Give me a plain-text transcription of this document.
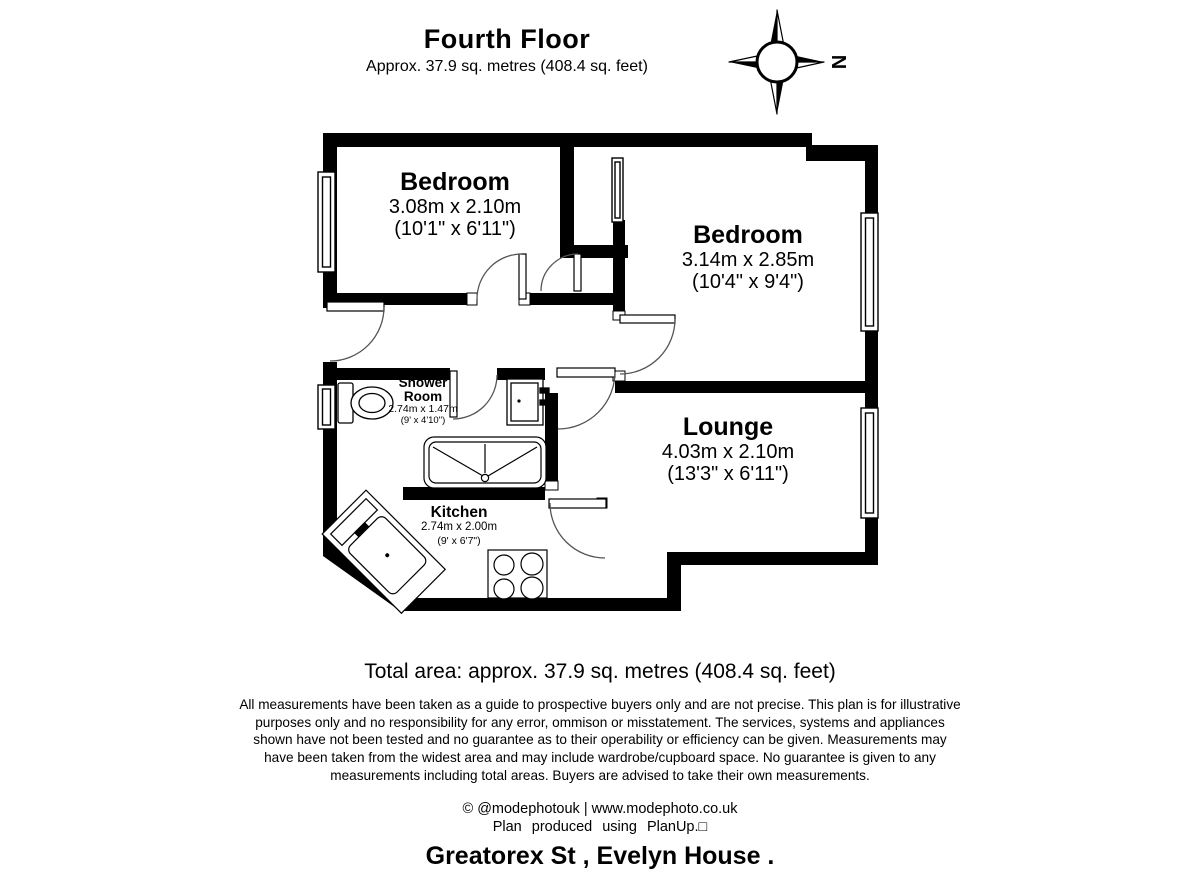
N
Fourth Floor
Approx. 37.9 sq. metres (408.4 sq. feet)
Bedroom
3.08m x 2.10m
(10'1" x 6'11")	Bedroom
3.14m x 2.85m
(10'4" x 9'4")
Lounge
4.03m x 2.10m
(13'3" x 6'11")
Shower
Room
2.74m x 1.47m
(9' x 4'10")
Kitchen
2.74m x 2.00m
(9' x 6'7")
Total area: approx. 37.9 sq. metres (408.4 sq. feet)
All measurements have been taken as a guide to prospective buyers only and are not precise. This plan is for illustrative
purposes only and no responsibility for any error, ommison or misstatement. The services, systems and appliances
shown have not been tested and no guarantee as to their operability or efficiency can be given. Measurements may
have been taken from the widest area and may include wardrobe/cupboard space. No guarantee is given to any
measurements including total areas. Buyers are advised to take their own measurements.
© @modephotouk | www.modephoto.co.uk
Plan produced using PlanUp.□
Greatorex St , Evelyn House .
